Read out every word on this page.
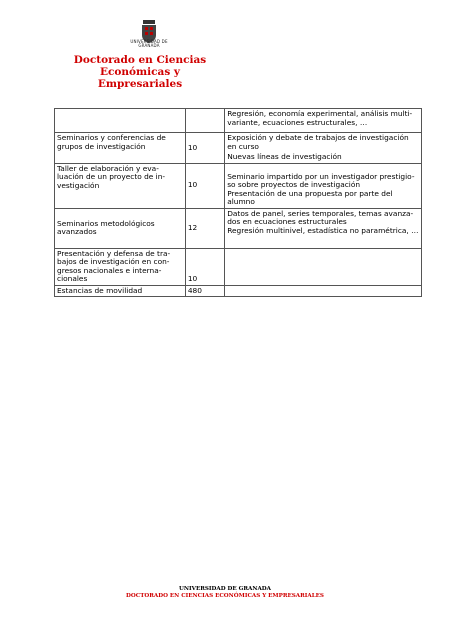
UNIVERSIDAD DE GRANADA
Doctorado en Ciencias
Económicas y Empresariales

		Regresión, economía experimental, análisis multi-variante, ecuaciones estructurales, …

Seminarios y conferencias de grupos de investigación	10	Exposición y debate de trabajos de investigación en curso
Nuevas líneas de investigación

Taller de elaboración y eva-luación de un proyecto de in-vestigación	10	Seminario impartido por un investigador prestigio-so sobre proyectos de investigación
Presentación de una propuesta por parte del alumno

Seminarios metodológicos avanzados	12	Datos de panel, series temporales, temas avanza-dos en ecuaciones estructurales
Regresión multinivel, estadística no paramétrica, …

Presentación y defensa de tra-bajos de investigación en con-gresos nacionales e interna-cionales	10	
Estancias de movilidad	480	
UNIVERSIDAD DE GRANADA
DOCTORADO EN CIENCIAS ECONÓMICAS Y EMPRESARIALES
